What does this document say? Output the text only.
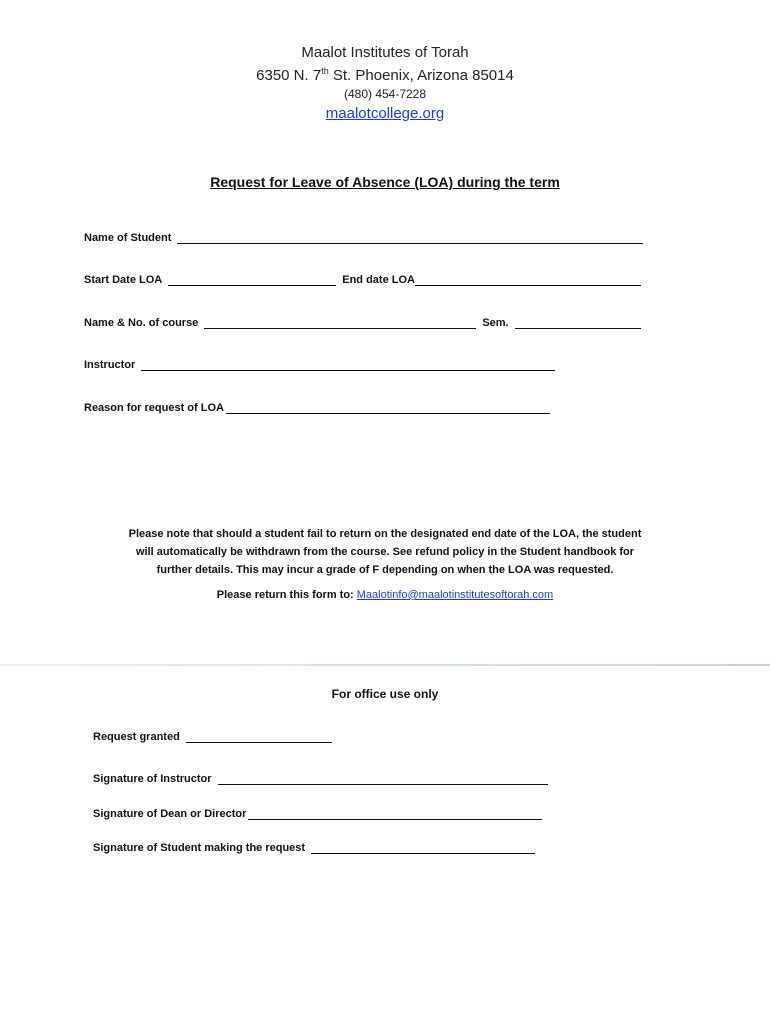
Maalot Institutes of Torah
6350 N. 7th St. Phoenix, Arizona 85014
(480) 454-7228
maalotcollege.org
Request for Leave of Absence (LOA) during the term
Name of Student
Start Date LOA	End date LOA
Name & No. of course	Sem.
Instructor
Reason for request of LOA
Please note that should a student fail to return on the designated end date of the LOA, the student
will automatically be withdrawn from the course. See refund policy in the Student handbook for
further details. This may incur a grade of F depending on when the LOA was requested.
Please return this form to: Maalotinfo@maalotinstitutesoftorah.com
For office use only
Request granted
Signature of Instructor
Signature of Dean or Director
Signature of Student making the request
